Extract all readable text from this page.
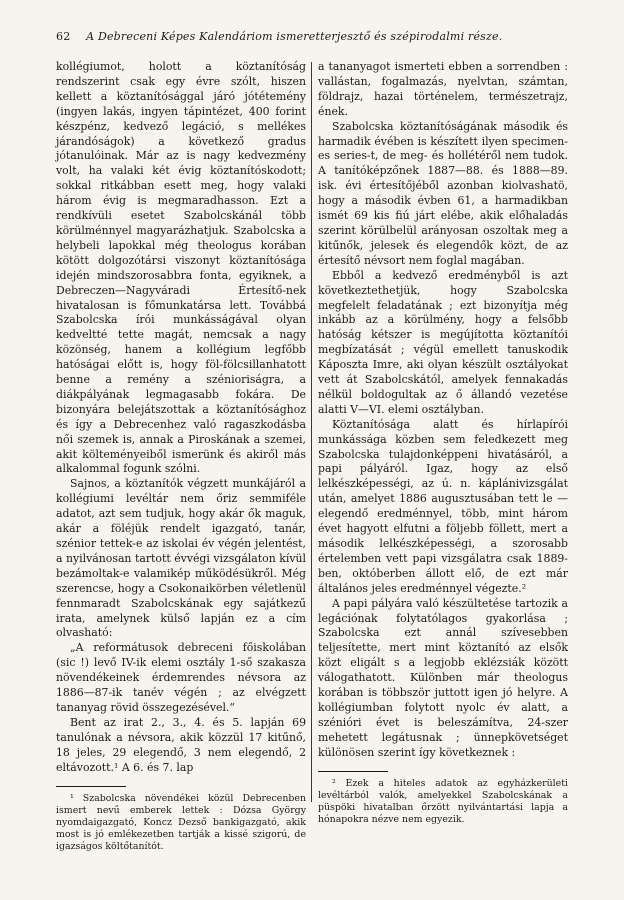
62 A Debreceni Képes Kalendáriom ismeretterjesztő és szépirodalmi része.

kollégiumot, holott a köztanítóság rendszerint csak egy évre szólt, hiszen kellett a köztanítósággal járó jótétemény (ingyen lakás, ingyen tápintézet, 400 forint készpénz, kedvező legáció, s mellékes járandóságok) a következő gradus jótanulóinak. Már az is nagy kedvezmény volt, ha valaki két évig köztanítóskodott; sokkal ritkábban esett meg, hogy valaki három évig is megmaradhasson. Ezt a rendkívüli esetet Szabolcskánál több körülménnyel magyarázhatjuk. Szabolcska a helybeli lapokkal még theologus korában kötött dolgozótársi viszonyt köztanítósága idején mindszorosabbra fonta, egyiknek, a Debreczen—Nagyváradi Értesítő-nek hivatalosan is főmunkatársa lett. Továbbá Szabolcska írói munkásságával olyan kedveltté tette magát, nemcsak a nagy közönség, hanem a kollégium legfőbb hatóságai előtt is, hogy föl-fölcsillanhatott benne a remény a szénioriságra, a diákpályának legmagasabb fokára. De bizonyára belejátszottak a köztanítósághoz és így a Debrecenhez való ragaszkodásba női szemek is, annak a Piroskának a szemei, akit költeményeiből ismerünk és akiről más alkalommal fogunk szólni.

Sajnos, a köztanítók végzett munkájáról a kollégiumi levéltár nem őriz semmiféle adatot, azt sem tudjuk, hogy akár ők maguk, akár a föléjük rendelt igazgató, tanár, szénior tettek-e az iskolai év végén jelentést, a nyilvánosan tartott évvégi vizsgálaton kívül bezámoltak-e valamikép működésükről. Még szerencse, hogy a Csokonaikörben véletlenül fennmaradt Szabolcskának egy sajátkezű irata, amelynek külső lapján ez a cím olvasható:

„A reformátusok debreceni főiskolában (sic !) levő IV-ik elemi osztály 1-ső szakasza növendékeinek érdemrendes névsora az 1886—87-ik tanév végén ; az elvégzett tananyag rövid összegezésével.“

Bent az irat 2., 3., 4. és 5. lapján 69 tanulónak a névsora, akik közzül 17 kitűnő, 18 jeles, 29 elegendő, 3 nem elegendő, 2 eltávozott.¹ A 6. és 7. lap

¹ Szabolcska növendékei közül Debrecenben ismert nevű emberek lettek : Dózsa György nyomdaigazgató, Koncz Dezső bankigazgató, akik most is jó emlékezetben tartják a kissé szigorú, de igazságos költőtanítót.

a tananyagot ismerteti ebben a sorrendben : vallástan, fogalmazás, nyelvtan, számtan, földrajz, hazai történelem, természetrajz, ének.

Szabolcska köztanítóságának második és harmadik évében is készített ilyen specimen-es series-t, de meg- és hollétéről nem tudok. A tanítóképzőnek 1887—88. és 1888—89. isk. évi értesítőjéből azonban kiolvashatö, hogy a második évben 61, a harmadikban ismét 69 kis fiú járt elébe, akik előhaladás szerint körülbelül arányosan oszoltak meg a kitűnők, jelesek és elegendők közt, de az értesítő névsort nem foglal magában.

Ebből a kedvező eredményből is azt következtethetjük, hogy Szabolcska megfelelt feladatának ; ezt bizonyítja még inkább az a körülmény, hogy a felsőbb hatóság kétszer is megújította köztanítói megbízatását ; végül emellett tanuskodik Káposzta Imre, aki olyan készült osztályokat vett át Szabolcskától, amelyek fennakadás nélkül boldogultak az ő állandó vezetése alatti V—VI. elemi osztályban.

Köztanítósága alatt és hírlapírói munkássága közben sem feledkezett meg Szabolcska tulajdonképpeni hivatásáról, a papi pályáról. Igaz, hogy az első lelkészképességi, az ú. n. káplánivizsgálat után, amelyet 1886 augusztusában tett le — elegendő eredménnyel, több, mint három évet hagyott elfutni a följebb föllett, mert a második lelkészképességi, a szorosabb értelemben vett papi vizsgálatra csak 1889-ben, októberben állott elő, de ezt már általános jeles eredménnyel végezte.²

A papi pályára való készültetése tartozik a legációnak folytatólagos gyakorlása ; Szabolcska ezt annál szívesebben teljesítette, mert mint köztanító az elsők közt eligált s a legjobb eklézsiák között válogathatott. Különben már theologus korában is többször juttott igen jó helyre. A kollégiumban folytott nyolc év alatt, a szénióri évet is beleszámítva, 24-szer mehetett legátusnak ; ünnepkövetséget különösen szerint így következnek :

² Ezek a hiteles adatok az egyházkerületi levéltárból valók, amelyekkel Szabolcskának a püspöki hivatalban őrzött nyilvántartási lapja a hónapokra nézve nem egyezik.
